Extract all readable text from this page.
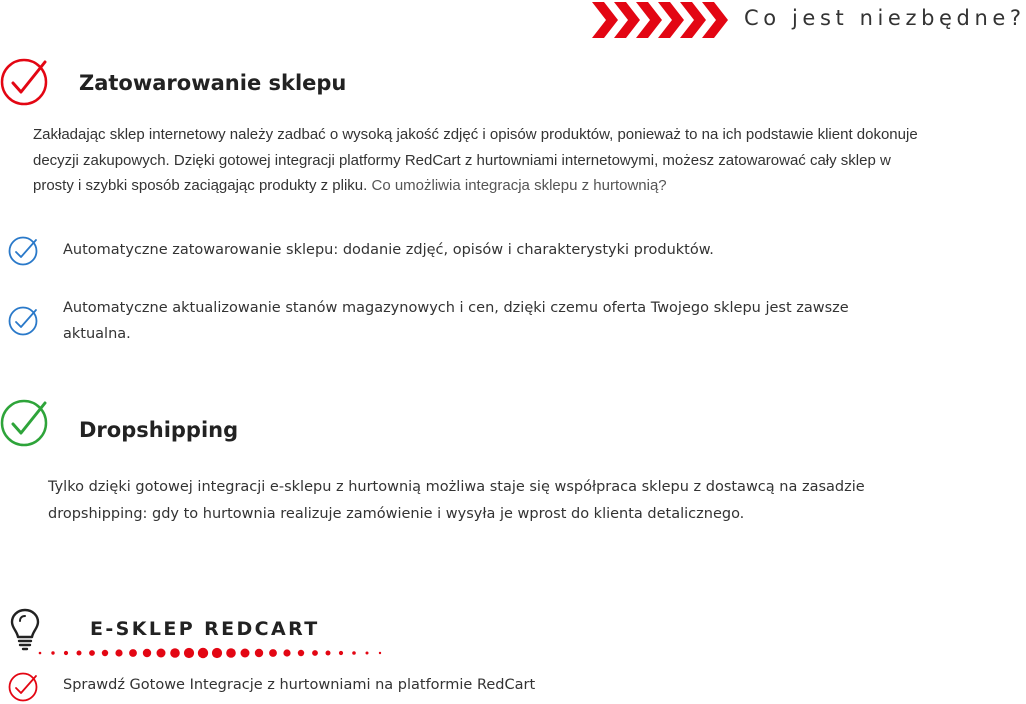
Co jest niezbędne?
Zatowarowanie sklepu
Zakładając sklep internetowy należy zadbać o wysoką jakość zdjęć i opisów produktów, ponieważ to na ich podstawie klient dokonuje decyzji zakupowych. Dzięki gotowej integracji platformy RedCart z hurtowniami internetowymi, możesz zatowarować cały sklep w prosty i szybki sposób zaciągając produkty z pliku. Co umożliwia integracja sklepu z hurtownią?
Automatyczne zatowarowanie sklepu: dodanie zdjęć, opisów i charakterystyki produktów.
Automatyczne aktualizowanie stanów magazynowych i cen, dzięki czemu oferta Twojego sklepu jest zawsze aktualna.
Dropshipping
Tylko dzięki gotowej integracji e-sklepu z hurtownią możliwa staje się współpraca sklepu z dostawcą na zasadzie dropshipping: gdy to hurtownia realizuje zamówienie i wysyła je wprost do klienta detalicznego.
E-SKLEP REDCART
Sprawdź Gotowe Integracje z hurtowniami na platformie RedCart
